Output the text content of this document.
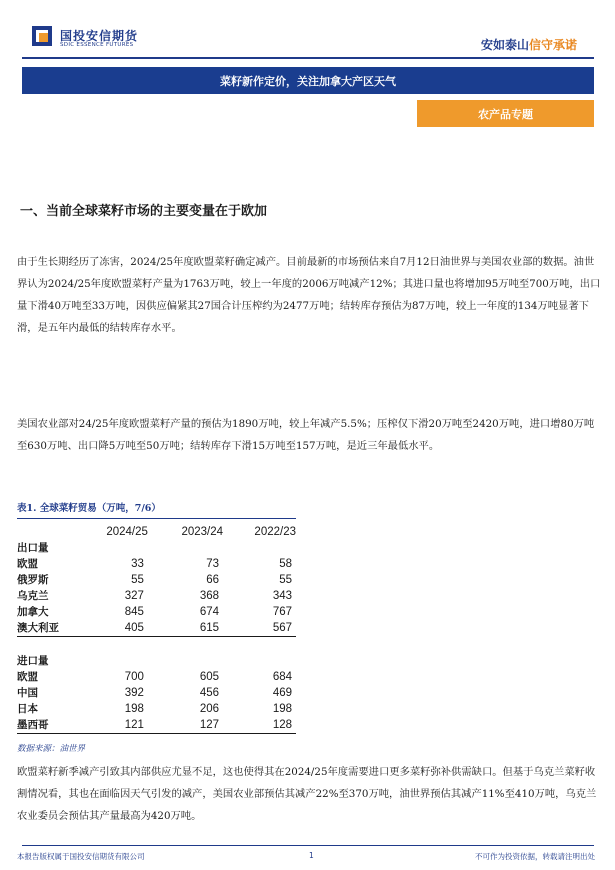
国投安信期货
SDIC ESSENCE FUTURES	安如泰山信守承诺
菜籽新作定价，关注加拿大产区天气
农产品专题
一、当前全球菜籽市场的主要变量在于欧加
由于生长期经历了冻害，2024/25年度欧盟菜籽确定减产。目前最新的市场预估来自7月12日油世界与美国农业部的数据。油世界认为2024/25年度欧盟菜籽产量为1763万吨，较上一年度的2006万吨减产12%；其进口量也将增加95万吨至700万吨，出口量下滑40万吨至33万吨，因供应偏紧其27国合计压榨约为2477万吨；结转库存预估为87万吨，较上一年度的134万吨显著下滑，是五年内最低的结转库存水平。
美国农业部对24/25年度欧盟菜籽产量的预估为1890万吨，较上年减产5.5%；压榨仅下滑20万吨至2420万吨，进口增80万吨至630万吨、出口降5万吨至50万吨；结转库存下滑15万吨至157万吨，是近三年最低水平。
表1. 全球菜籽贸易（万吨，7/6）
	2024/25	2023/24	2022/23
出口量			
欧盟	33	73	58
俄罗斯	55	66	55
乌克兰	327	368	343
加拿大	845	674	767
澳大利亚	405	615	567

进口量			
欧盟	700	605	684
中国	392	456	469
日本	198	206	198
墨西哥	121	127	128
数据来源：油世界
欧盟菜籽新季减产引致其内部供应尤显不足，这也使得其在2024/25年度需要进口更多菜籽弥补供需缺口。但基于乌克兰菜籽收割情况看，其也在面临因天气引发的减产，美国农业部预估其减产22%至370万吨，油世界预估其减产11%至410万吨，乌克兰农业委员会预估其产量最高为420万吨。
本报告版权属于国投安信期货有限公司	1	不可作为投资依据，转载请注明出处
